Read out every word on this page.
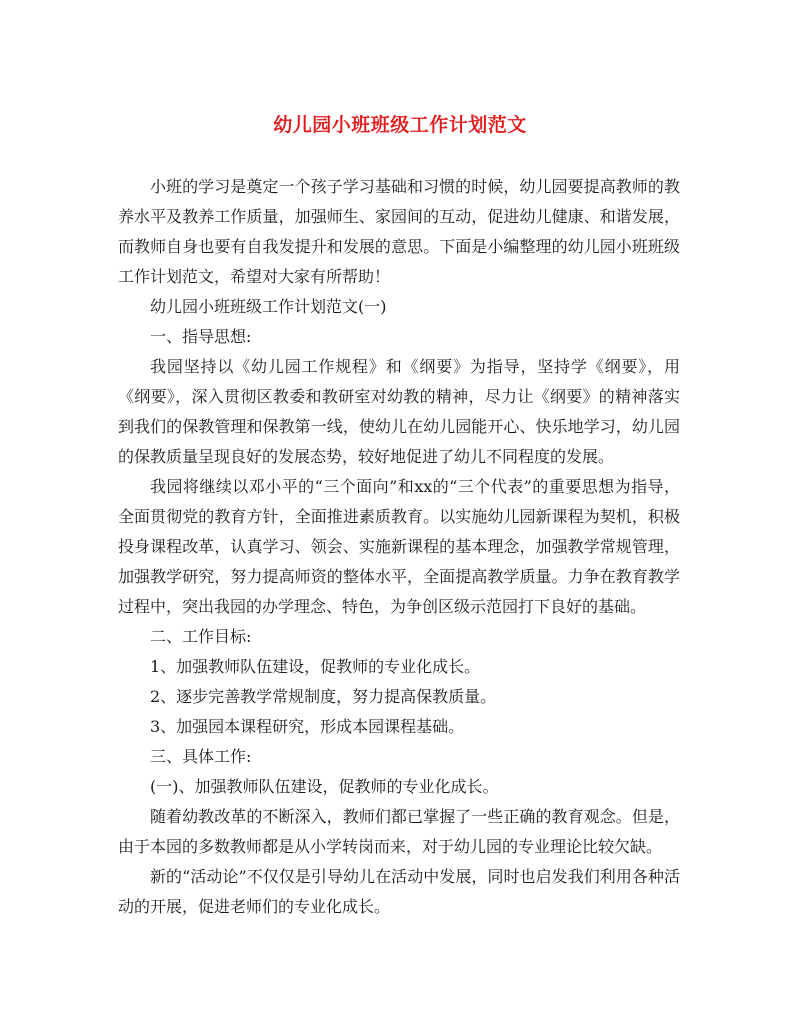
幼儿园小班班级工作计划范文

小班的学习是奠定一个孩子学习基础和习惯的时候，幼儿园要提高教师的教养水平及教养工作质量，加强师生、家园间的互动，促进幼儿健康、和谐发展，而教师自身也要有自我发提升和发展的意思。下面是小编整理的幼儿园小班班级工作计划范文，希望对大家有所帮助！

幼儿园小班班级工作计划范文(一)

一、指导思想:

我园坚持以《幼儿园工作规程》和《纲要》为指导，坚持学《纲要》，用《纲要》，深入贯彻区教委和教研室对幼教的精神，尽力让《纲要》的精神落实到我们的保教管理和保教第一线，使幼儿在幼儿园能开心、快乐地学习，幼儿园的保教质量呈现良好的发展态势，较好地促进了幼儿不同程度的发展。

我园将继续以邓小平的“三个面向”和xx的“三个代表”的重要思想为指导，全面贯彻党的教育方针，全面推进素质教育。以实施幼儿园新课程为契机，积极投身课程改革，认真学习、领会、实施新课程的基本理念，加强教学常规管理，加强教学研究，努力提高师资的整体水平，全面提高教学质量。力争在教育教学过程中，突出我园的办学理念、特色，为争创区级示范园打下良好的基础。

二、工作目标:

1、加强教师队伍建设，促教师的专业化成长。

2、逐步完善教学常规制度，努力提高保教质量。

3、加强园本课程研究，形成本园课程基础。

三、具体工作:

(一)、加强教师队伍建设，促教师的专业化成长。

随着幼教改革的不断深入，教师们都已掌握了一些正确的教育观念。但是，由于本园的多数教师都是从小学转岗而来，对于幼儿园的专业理论比较欠缺。

新的“活动论”不仅仅是引导幼儿在活动中发展，同时也启发我们利用各种活动的开展，促进老师们的专业化成长。
